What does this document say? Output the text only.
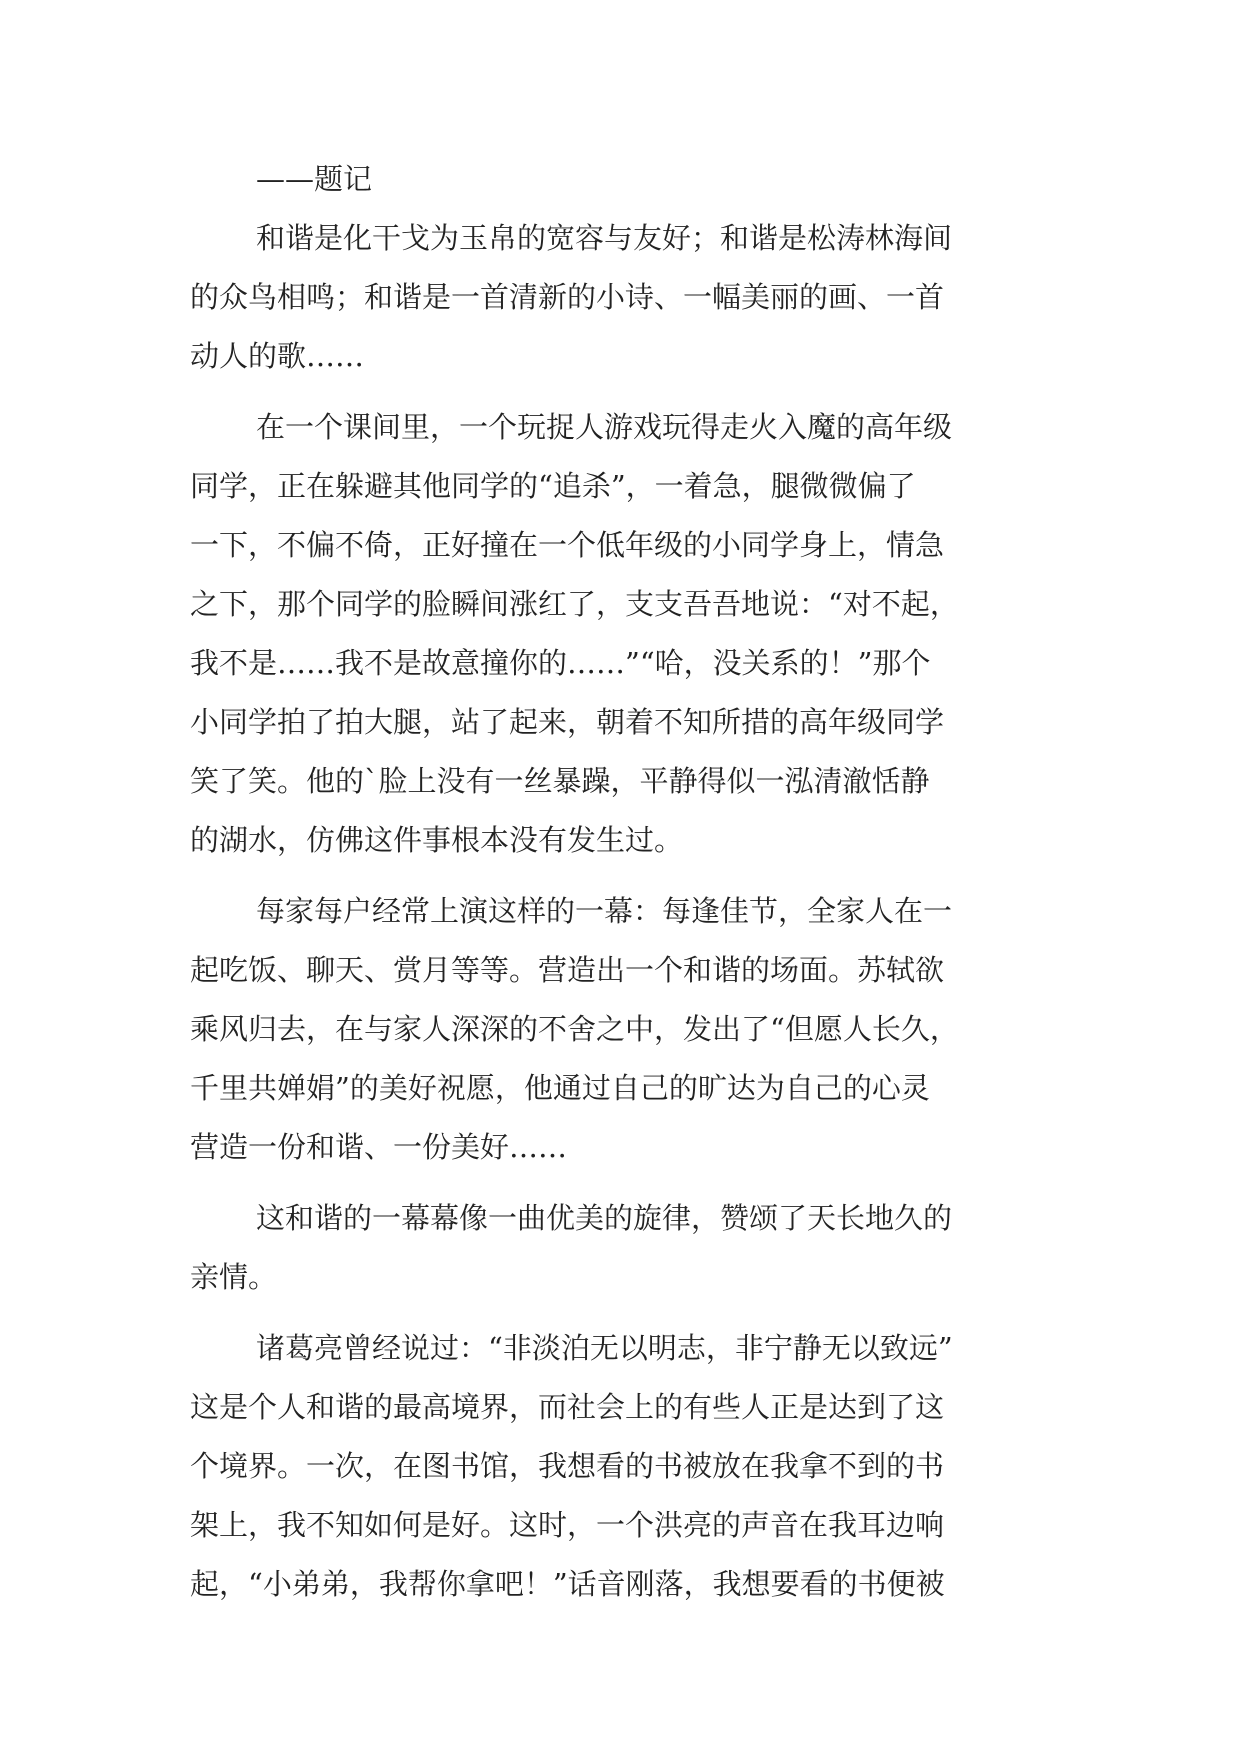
——题记

和谐是化干戈为玉帛的宽容与友好；和谐是松涛林海间

的众鸟相鸣；和谐是一首清新的小诗、一幅美丽的画、一首

动人的歌……

在一个课间里，一个玩捉人游戏玩得走火入魔的高年级

同学，正在躲避其他同学的“追杀”，一着急，腿微微偏了

一下，不偏不倚，正好撞在一个低年级的小同学身上，情急

之下，那个同学的脸瞬间涨红了，支支吾吾地说：“对不起，

我不是……我不是故意撞你的……”“哈，没关系的！”那个

小同学拍了拍大腿，站了起来，朝着不知所措的高年级同学

笑了笑。他的`脸上没有一丝暴躁，平静得似一泓清澈恬静

的湖水，仿佛这件事根本没有发生过。

每家每户经常上演这样的一幕：每逢佳节，全家人在一

起吃饭、聊天、赏月等等。营造出一个和谐的场面。苏轼欲

乘风归去，在与家人深深的不舍之中，发出了“但愿人长久，

千里共婵娟”的美好祝愿，他通过自己的旷达为自己的心灵

营造一份和谐、一份美好……

这和谐的一幕幕像一曲优美的旋律，赞颂了天长地久的

亲情。

诸葛亮曾经说过：“非淡泊无以明志，非宁静无以致远”

这是个人和谐的最高境界，而社会上的有些人正是达到了这

个境界。一次，在图书馆，我想看的书被放在我拿不到的书

架上，我不知如何是好。这时，一个洪亮的声音在我耳边响

起，“小弟弟，我帮你拿吧！”话音刚落，我想要看的书便被
